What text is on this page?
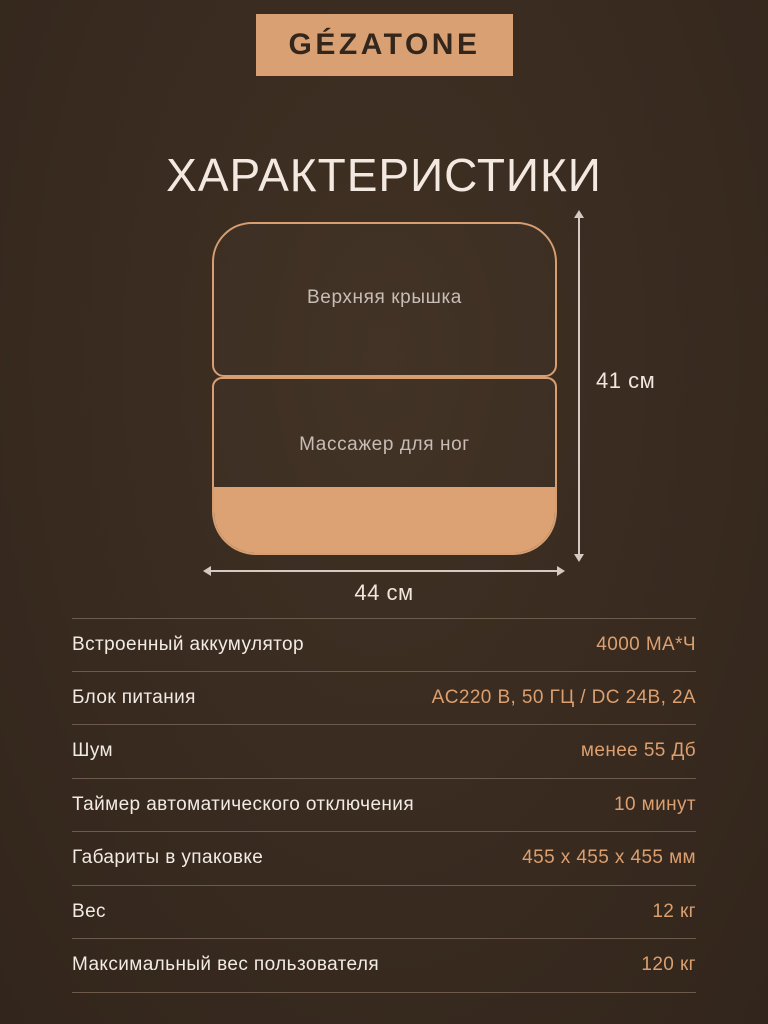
GÉZATONE
ХАРАКТЕРИСТИКИ
Верхняя крышка
Массажер для ног
41 см
44 см
Встроенный аккумулятор	4000 МА*Ч
Блок питания	AC220 В, 50 ГЦ / DC 24В, 2А
Шум	менее 55 Дб
Таймер автоматического отключения	10 минут
Габариты в упаковке	455 х 455 х 455 мм
Вес	12 кг
Максимальный вес пользователя	120 кг
